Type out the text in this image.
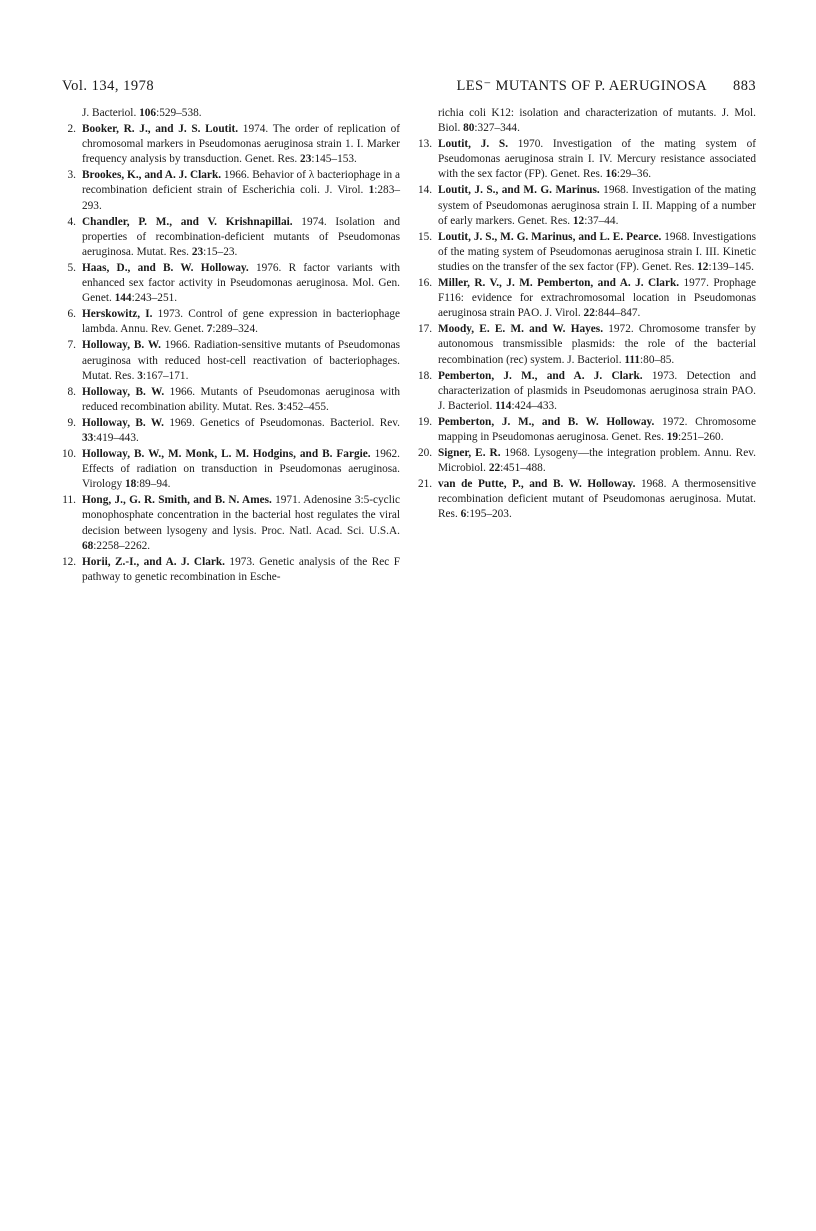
Vol. 134, 1978	LES⁻ MUTANTS OF P. AERUGINOSA 883
J. Bacteriol. 106:529–538.
2. Booker, R. J., and J. S. Loutit. 1974. The order of replication of chromosomal markers in Pseudomonas aeruginosa strain 1. I. Marker frequency analysis by transduction. Genet. Res. 23:145–153.
3. Brookes, K., and A. J. Clark. 1966. Behavior of λ bacteriophage in a recombination deficient strain of Escherichia coli. J. Virol. 1:283–293.
4. Chandler, P. M., and V. Krishnapillai. 1974. Isolation and properties of recombination-deficient mutants of Pseudomonas aeruginosa. Mutat. Res. 23:15–23.
5. Haas, D., and B. W. Holloway. 1976. R factor variants with enhanced sex factor activity in Pseudomonas aeruginosa. Mol. Gen. Genet. 144:243–251.
6. Herskowitz, I. 1973. Control of gene expression in bacteriophage lambda. Annu. Rev. Genet. 7:289–324.
7. Holloway, B. W. 1966. Radiation-sensitive mutants of Pseudomonas aeruginosa with reduced host-cell reactivation of bacteriophages. Mutat. Res. 3:167–171.
8. Holloway, B. W. 1966. Mutants of Pseudomonas aeruginosa with reduced recombination ability. Mutat. Res. 3:452–455.
9. Holloway, B. W. 1969. Genetics of Pseudomonas. Bacteriol. Rev. 33:419–443.
10. Holloway, B. W., M. Monk, L. M. Hodgins, and B. Fargie. 1962. Effects of radiation on transduction in Pseudomonas aeruginosa. Virology 18:89–94.
11. Hong, J., G. R. Smith, and B. N. Ames. 1971. Adenosine 3:5-cyclic monophosphate concentration in the bacterial host regulates the viral decision between lysogeny and lysis. Proc. Natl. Acad. Sci. U.S.A. 68:2258–2262.
12. Horii, Z.-I., and A. J. Clark. 1973. Genetic analysis of the Rec F pathway to genetic recombination in Esche-
richia coli K12: isolation and characterization of mutants. J. Mol. Biol. 80:327–344.
13. Loutit, J. S. 1970. Investigation of the mating system of Pseudomonas aeruginosa strain I. IV. Mercury resistance associated with the sex factor (FP). Genet. Res. 16:29–36.
14. Loutit, J. S., and M. G. Marinus. 1968. Investigation of the mating system of Pseudomonas aeruginosa strain I. II. Mapping of a number of early markers. Genet. Res. 12:37–44.
15. Loutit, J. S., M. G. Marinus, and L. E. Pearce. 1968. Investigations of the mating system of Pseudomonas aeruginosa strain I. III. Kinetic studies on the transfer of the sex factor (FP). Genet. Res. 12:139–145.
16. Miller, R. V., J. M. Pemberton, and A. J. Clark. 1977. Prophage F116: evidence for extrachromosomal location in Pseudomonas aeruginosa strain PAO. J. Virol. 22:844–847.
17. Moody, E. E. M. and W. Hayes. 1972. Chromosome transfer by autonomous transmissible plasmids: the role of the bacterial recombination (rec) system. J. Bacteriol. 111:80–85.
18. Pemberton, J. M., and A. J. Clark. 1973. Detection and characterization of plasmids in Pseudomonas aeruginosa strain PAO. J. Bacteriol. 114:424–433.
19. Pemberton, J. M., and B. W. Holloway. 1972. Chromosome mapping in Pseudomonas aeruginosa. Genet. Res. 19:251–260.
20. Signer, E. R. 1968. Lysogeny—the integration problem. Annu. Rev. Microbiol. 22:451–488.
21. van de Putte, P., and B. W. Holloway. 1968. A thermosensitive recombination deficient mutant of Pseudomonas aeruginosa. Mutat. Res. 6:195–203.
